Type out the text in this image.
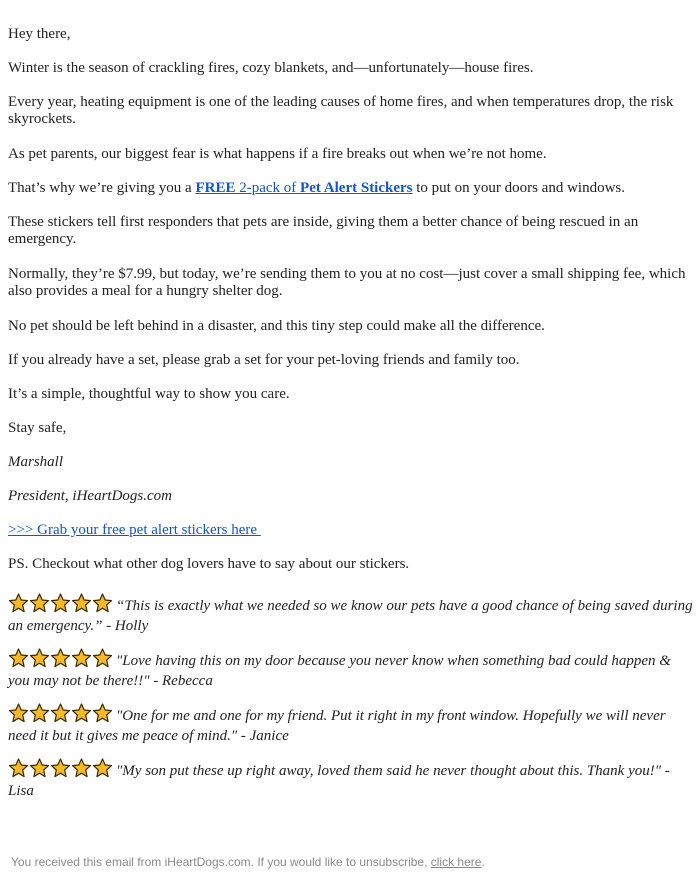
Hey there,

Winter is the season of crackling fires, cozy blankets, and—unfortunately—house fires.

Every year, heating equipment is one of the leading causes of home fires, and when temperatures drop, the risk skyrockets.

As pet parents, our biggest fear is what happens if a fire breaks out when we’re not home.

That’s why we’re giving you a FREE 2-pack of Pet Alert Stickers to put on your doors and windows.

These stickers tell first responders that pets are inside, giving them a better chance of being rescued in an emergency.

Normally, they’re $7.99, but today, we’re sending them to you at no cost—just cover a small shipping fee, which also provides a meal for a hungry shelter dog.

No pet should be left behind in a disaster, and this tiny step could make all the difference.

If you already have a set, please grab a set for your pet-loving friends and family too.

It’s a simple, thoughtful way to show you care.

Stay safe,

Marshall

President, iHeartDogs.com

>>> Grab your free pet alert stickers here

PS. Checkout what other dog lovers have to say about our stickers.

“This is exactly what we needed so we know our pets have a good chance of being saved during an emergency.” - Holly

"Love having this on my door because you never know when something bad could happen & you may not be there!!" - Rebecca

"One for me and one for my friend. Put it right in my front window. Hopefully we will never need it but it gives me peace of mind." - Janice

"My son put these up right away, loved them said he never thought about this. Thank you!" - Lisa

You received this email from iHeartDogs.com. If you would like to unsubscribe, click here.
